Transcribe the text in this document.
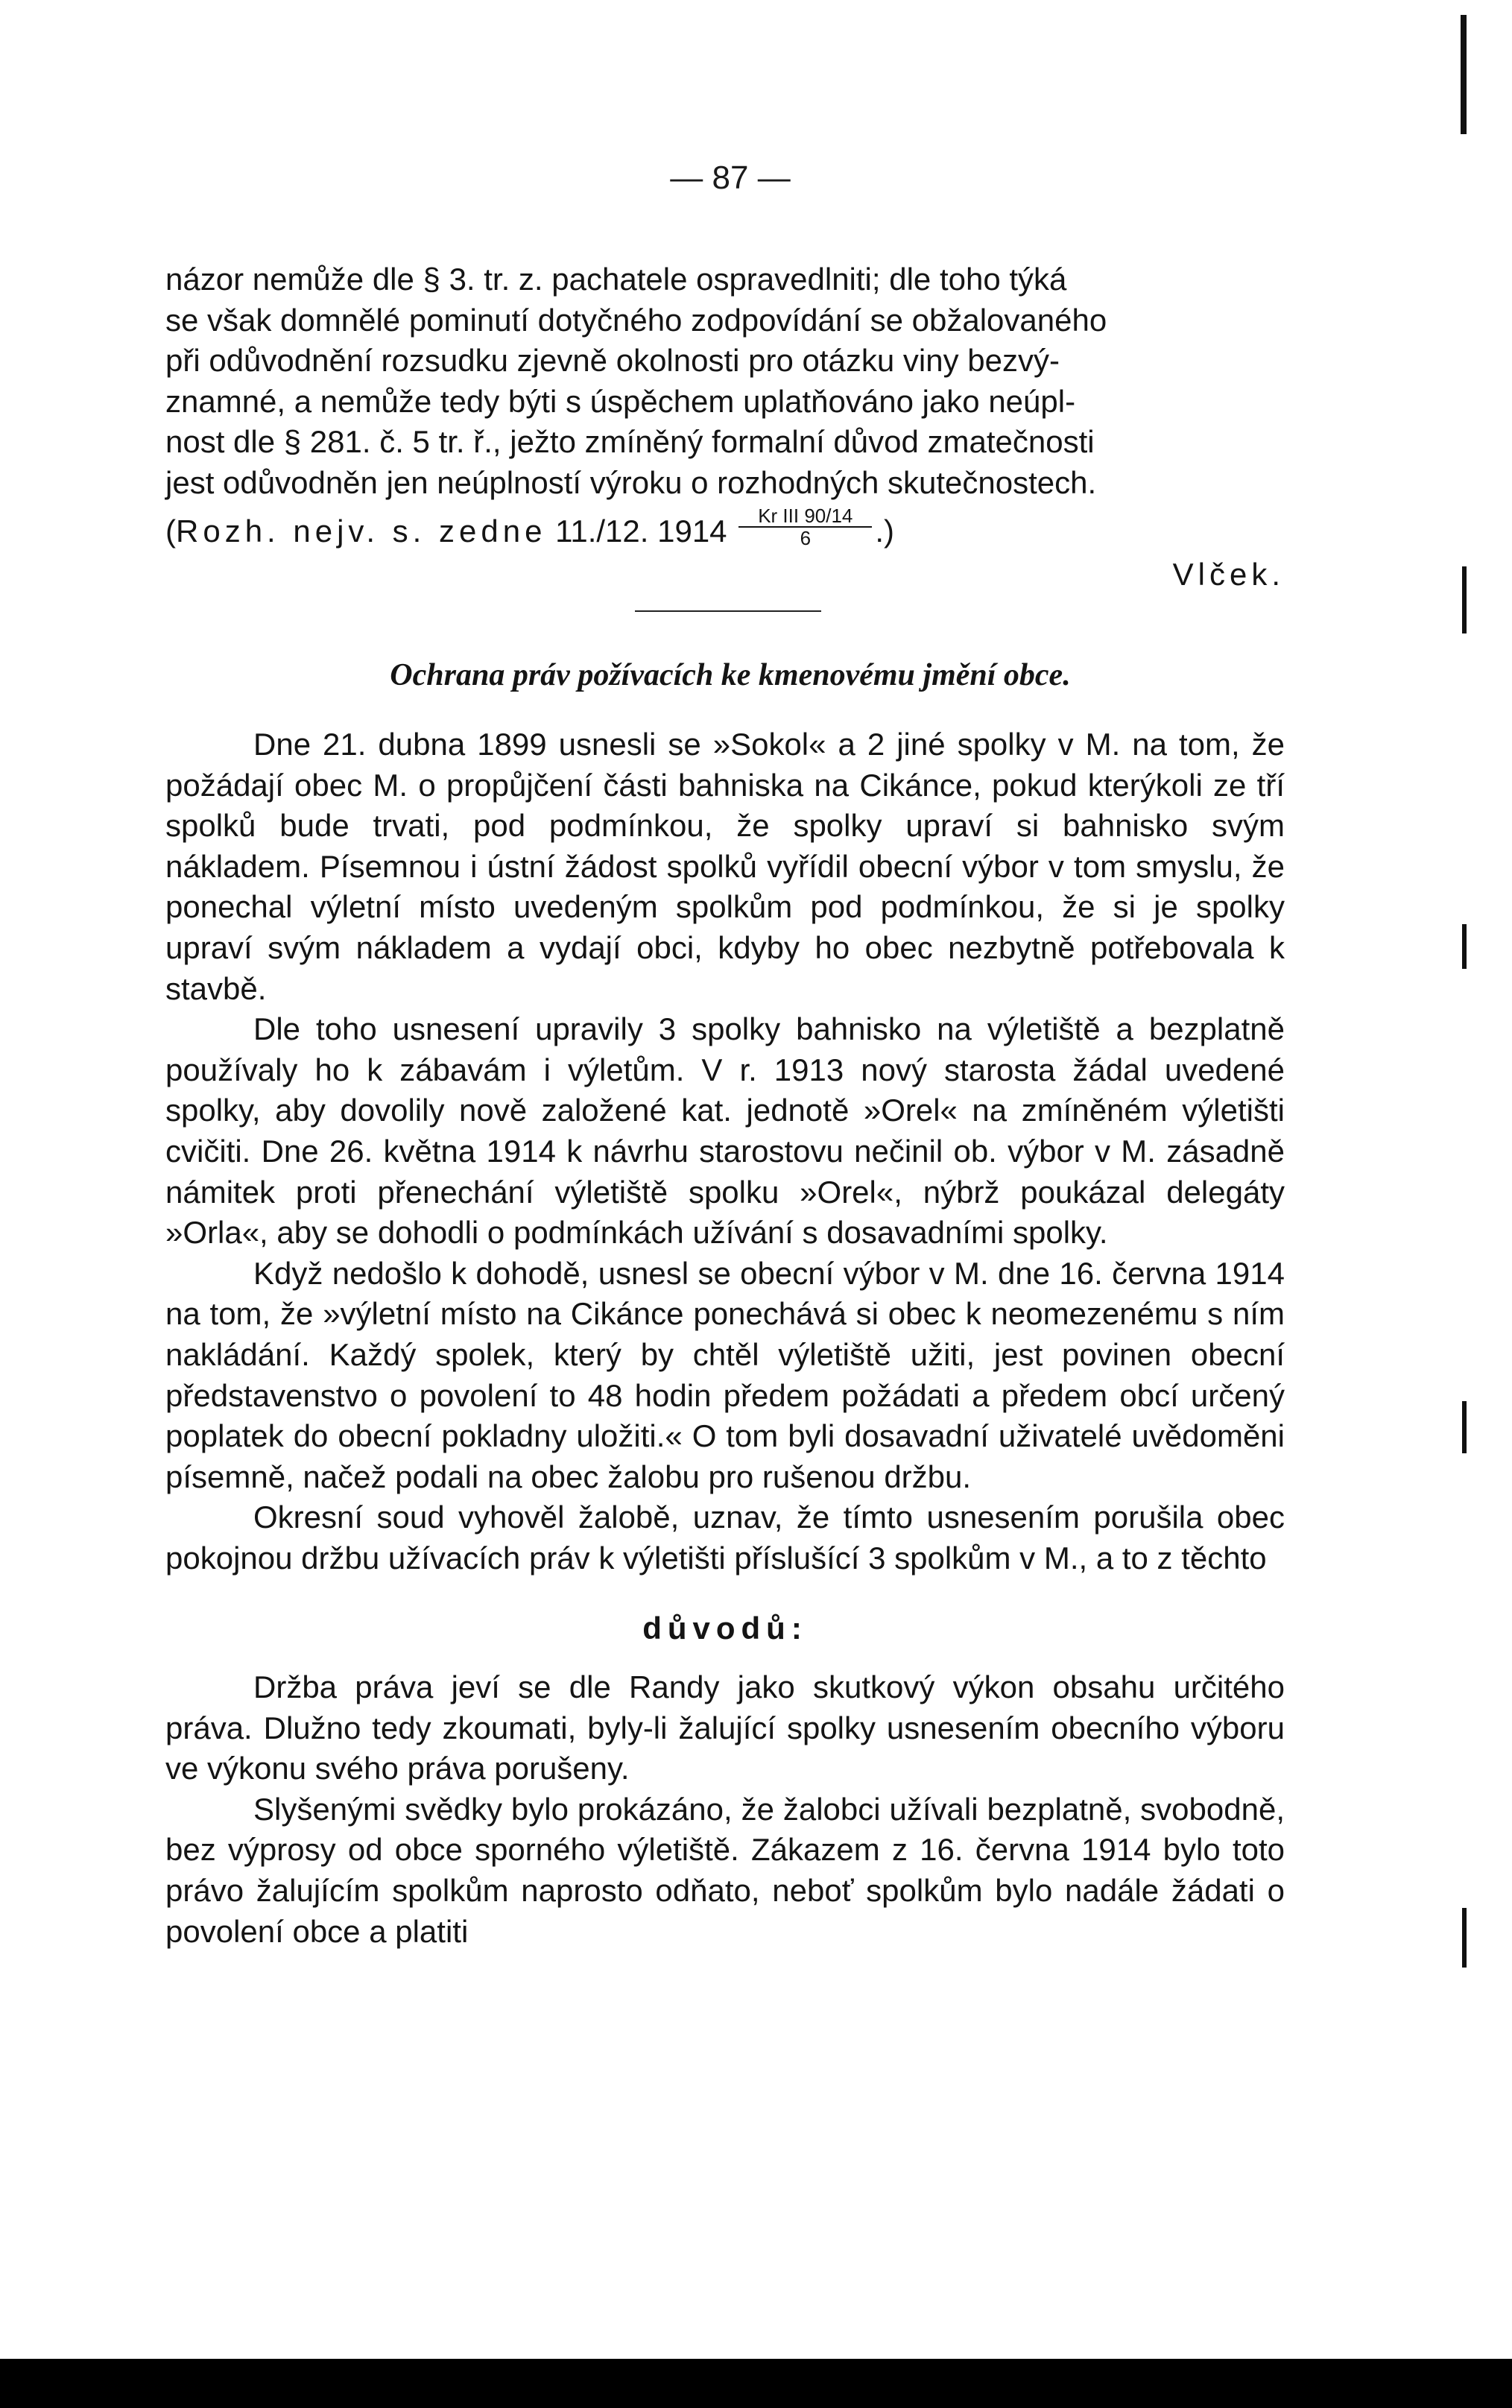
— 87 —

názor nemůže dle § 3. tr. z. pachatele ospravedlniti; dle toho týká

se však domnělé pominutí dotyčného zodpovídání se obžalovaného

při odůvodnění rozsudku zjevně okolnosti pro otázku viny bezvý-

znamné, a nemůže tedy býti s úspěchem uplatňováno jako neúpl-

nost dle § 281. č. 5 tr. ř., ježto zmíněný formalní důvod zmatečnosti

jest odůvodněn jen neúplností výroku o rozhodných skutečnostech.

(Rozh. nejv. s. zedne 11./12. $1914 \frac{\text{Kr III 90/14}}{6}$ .)

Vlček.

Ochrana práv požívacích ke kmenovému jmění obce.

Dne 21. dubna 1899 usnesli se »Sokol« a 2 jiné spolky v M. na tom, že požádají obec M. o propůjčení části bahniska na Cikánce, pokud kterýkoli ze tří spolků bude trvati, pod podmínkou, že spolky upraví si bahnisko svým nákladem. Písemnou i ústní žádost spolků vyřídil obecní výbor v tom smyslu, že ponechal výletní místo uvedeným spolkům pod podmínkou, že si je spolky upraví svým nákladem a vydají obci, kdyby ho obec nezbytně potřebovala k stavbě.

Dle toho usnesení upravily 3 spolky bahnisko na výletiště a bezplatně používaly ho k zábavám i výletům. V r. 1913 nový starosta žádal uvedené spolky, aby dovolily nově založené kat. jednotě »Orel« na zmíněném výletišti cvičiti. Dne 26. května 1914 k návrhu starostovu nečinil ob. výbor v M. zásadně námitek proti přenechání výletiště spolku »Orel«, nýbrž poukázal delegáty »Orla«, aby se dohodli o podmínkách užívání s dosavadními spolky.

Když nedošlo k dohodě, usnesl se obecní výbor v M. dne 16. června 1914 na tom, že »výletní místo na Cikánce ponechává si obec k neomezenému s ním nakládání. Každý spolek, který by chtěl výletiště užiti, jest povinen obecní představenstvo o povolení to 48 hodin předem požádati a předem obcí určený poplatek do obecní pokladny uložiti.« O tom byli dosavadní uživatelé uvědoměni písemně, načež podali na obec žalobu pro rušenou držbu.

Okresní soud vyhověl žalobě, uznav, že tímto usnesením porušila obec pokojnou držbu užívacích práv k výletišti příslušící 3 spolkům v M., a to z těchto

důvodů:

Držba práva jeví se dle Randy jako skutkový výkon obsahu určitého práva. Dlužno tedy zkoumati, byly-li žalující spolky usnesením obecního výboru ve výkonu svého práva porušeny.

Slyšenými svědky bylo prokázáno, že žalobci užívali bezplatně, svobodně, bez výprosy od obce sporného výletiště. Zákazem z 16. června 1914 bylo toto právo žalujícím spolkům naprosto odňato, neboť spolkům bylo nadále žádati o povolení obce a platiti
